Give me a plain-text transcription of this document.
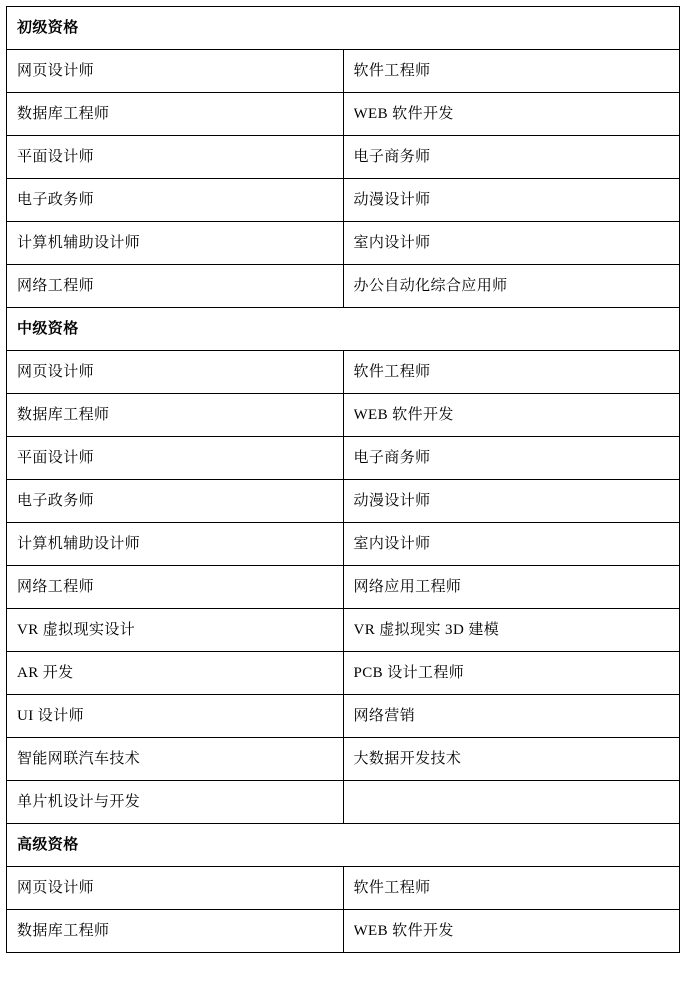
初级资格	

网页设计师	软件工程师

数据库工程师	WEB 软件开发

平面设计师	电子商务师

电子政务师	动漫设计师

计算机辅助设计师	室内设计师

网络工程师	办公自动化综合应用师

中级资格	

网页设计师	软件工程师

数据库工程师	WEB 软件开发

平面设计师	电子商务师

电子政务师	动漫设计师

计算机辅助设计师	室内设计师

网络工程师	网络应用工程师

VR 虚拟现实设计	VR 虚拟现实 3D 建模

AR 开发	PCB 设计工程师

UI 设计师	网络营销

智能网联汽车技术	大数据开发技术

单片机设计与开发	

高级资格	

网页设计师	软件工程师

数据库工程师	WEB 软件开发
